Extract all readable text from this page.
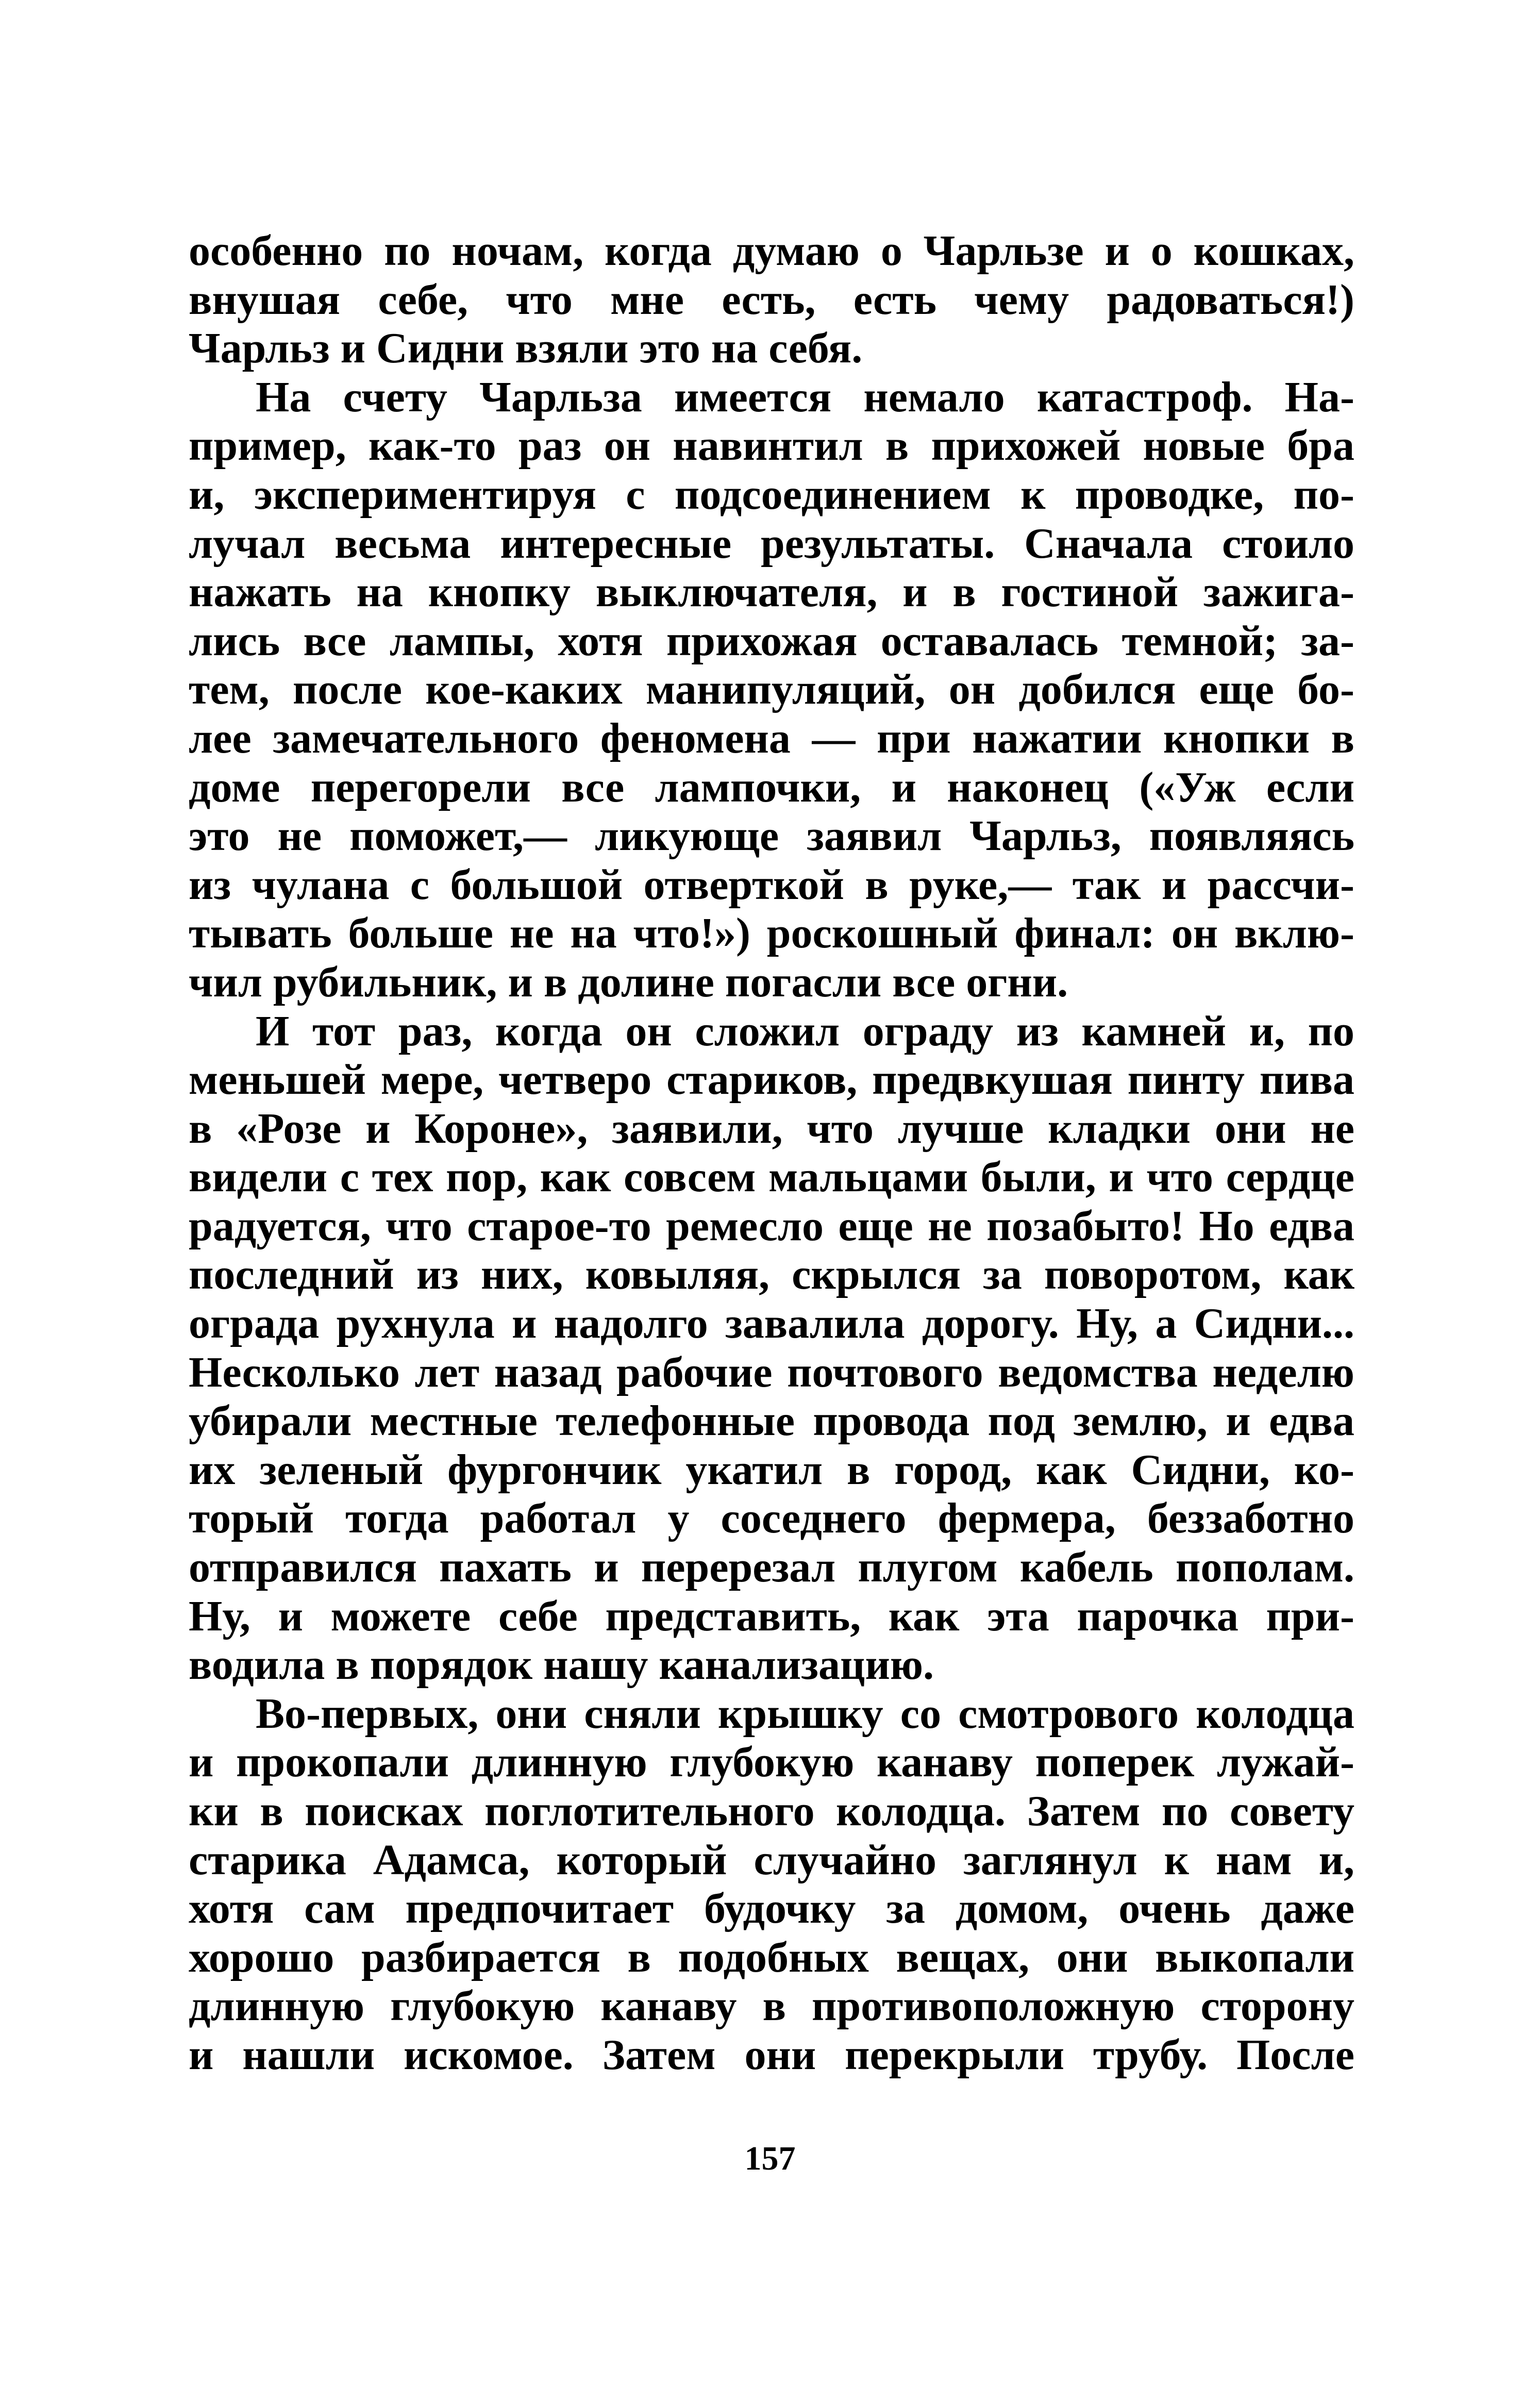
особенно по ночам, когда думаю о Чарльзе и о кошках,
внушая себе, что мне есть, есть чему радоваться!)
Чарльз и Сидни взяли это на себя.
На счету Чарльза имеется немало катастроф. На-
пример, как-то раз он навинтил в прихожей новые бра
и, экспериментируя с подсоединением к проводке, по-
лучал весьма интересные результаты. Сначала стоило
нажать на кнопку выключателя, и в гостиной зажига-
лись все лампы, хотя прихожая оставалась темной; за-
тем, после кое-каких манипуляций, он добился еще бо-
лее замечательного феномена — при нажатии кнопки в
доме перегорели все лампочки, и наконец («Уж если
это не поможет,— ликующе заявил Чарльз, появляясь
из чулана с большой отверткой в руке,— так и рассчи-
тывать больше не на что!») роскошный финал: он вклю-
чил рубильник, и в долине погасли все огни.
И тот раз, когда он сложил ограду из камней и, по
меньшей мере, четверо стариков, предвкушая пинту пива
в «Розе и Короне», заявили, что лучше кладки они не
видели с тех пор, как совсем мальцами были, и что сердце
радуется, что старое-то ремесло еще не позабыто! Но едва
последний из них, ковыляя, скрылся за поворотом, как
ограда рухнула и надолго завалила дорогу. Ну, а Сидни...
Несколько лет назад рабочие почтового ведомства неделю
убирали местные телефонные провода под землю, и едва
их зеленый фургончик укатил в город, как Сидни, ко-
торый тогда работал у соседнего фермера, беззаботно
отправился пахать и перерезал плугом кабель пополам.
Ну, и можете себе представить, как эта парочка при-
водила в порядок нашу канализацию.
Во-первых, они сняли крышку со смотрового колодца
и прокопали длинную глубокую канаву поперек лужай-
ки в поисках поглотительного колодца. Затем по совету
старика Адамса, который случайно заглянул к нам и,
хотя сам предпочитает будочку за домом, очень даже
хорошо разбирается в подобных вещах, они выкопали
длинную глубокую канаву в противоположную сторону
и нашли искомое. Затем они перекрыли трубу. После
157
